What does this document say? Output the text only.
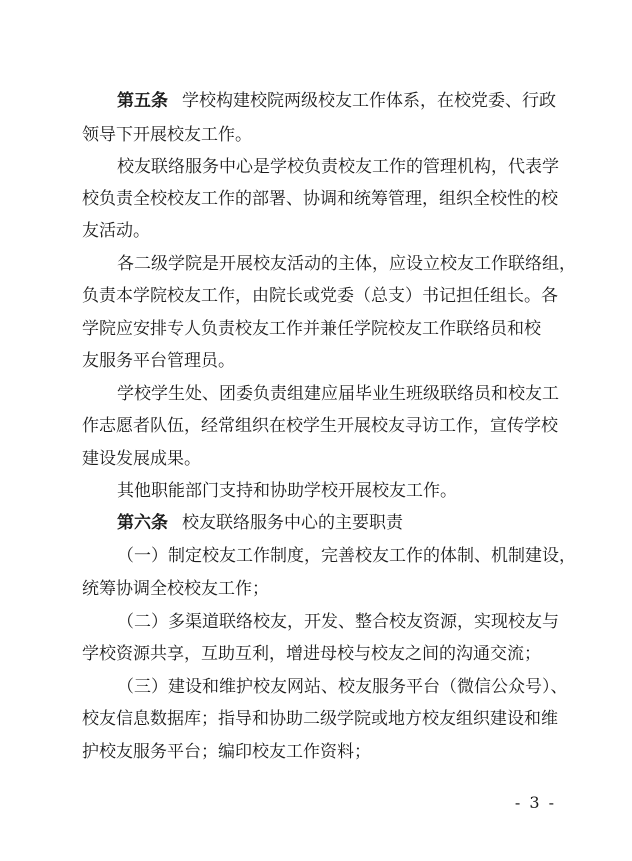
第五条 学校构建校院两级校友工作体系，在校党委、行政
领导下开展校友工作。
校友联络服务中心是学校负责校友工作的管理机构，代表学
校负责全校校友工作的部署、协调和统筹管理，组织全校性的校
友活动。
各二级学院是开展校友活动的主体，应设立校友工作联络组，
负责本学院校友工作，由院长或党委（总支）书记担任组长。各
学院应安排专人负责校友工作并兼任学院校友工作联络员和校
友服务平台管理员。
学校学生处、团委负责组建应届毕业生班级联络员和校友工
作志愿者队伍，经常组织在校学生开展校友寻访工作，宣传学校
建设发展成果。
其他职能部门支持和协助学校开展校友工作。
第六条 校友联络服务中心的主要职责
（一）制定校友工作制度，完善校友工作的体制、机制建设，
统筹协调全校校友工作；
（二）多渠道联络校友，开发、整合校友资源，实现校友与
学校资源共享，互助互利，增进母校与校友之间的沟通交流；
（三）建设和维护校友网站、校友服务平台（微信公众号）、
校友信息数据库；指导和协助二级学院或地方校友组织建设和维
护校友服务平台；编印校友工作资料；
- 3 -
